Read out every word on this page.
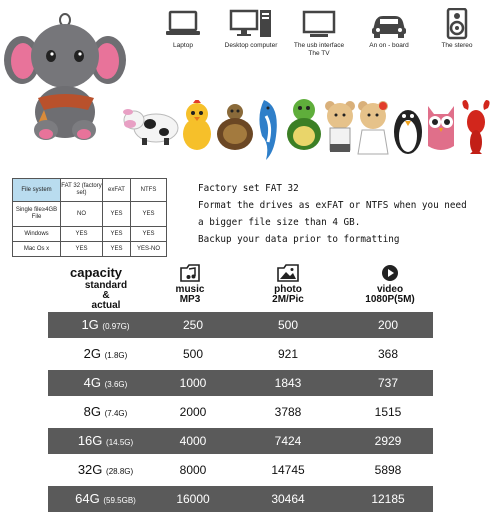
Laptop	Desktop computer	The usb interface
The TV
An on - board	The stereo
File system	FAT 32 (factory set)	exFAT	NTFS
Single file≥4GB File	NO	YES	YES
Windows	YES	YES	YES
Mac Os x	YES	YES	YES-NO
Factory set FAT 32
Format the drives as exFAT or NTFS when you need
a bigger file size than 4 GB.
Backup your data prior to formatting
capacity
standard
&
actual
music
MP3
photo
2M/Pic
video
1080P(5M)
1G (0.97G)	250	500	200
2G (1.8G)	500	921	368
4G (3.6G)	1000	1843	737
8G (7.4G)	2000	3788	1515
16G (14.5G)	4000	7424	2929
32G (28.8G)	8000	14745	5898
64G (59.5GB)	16000	30464	12185
